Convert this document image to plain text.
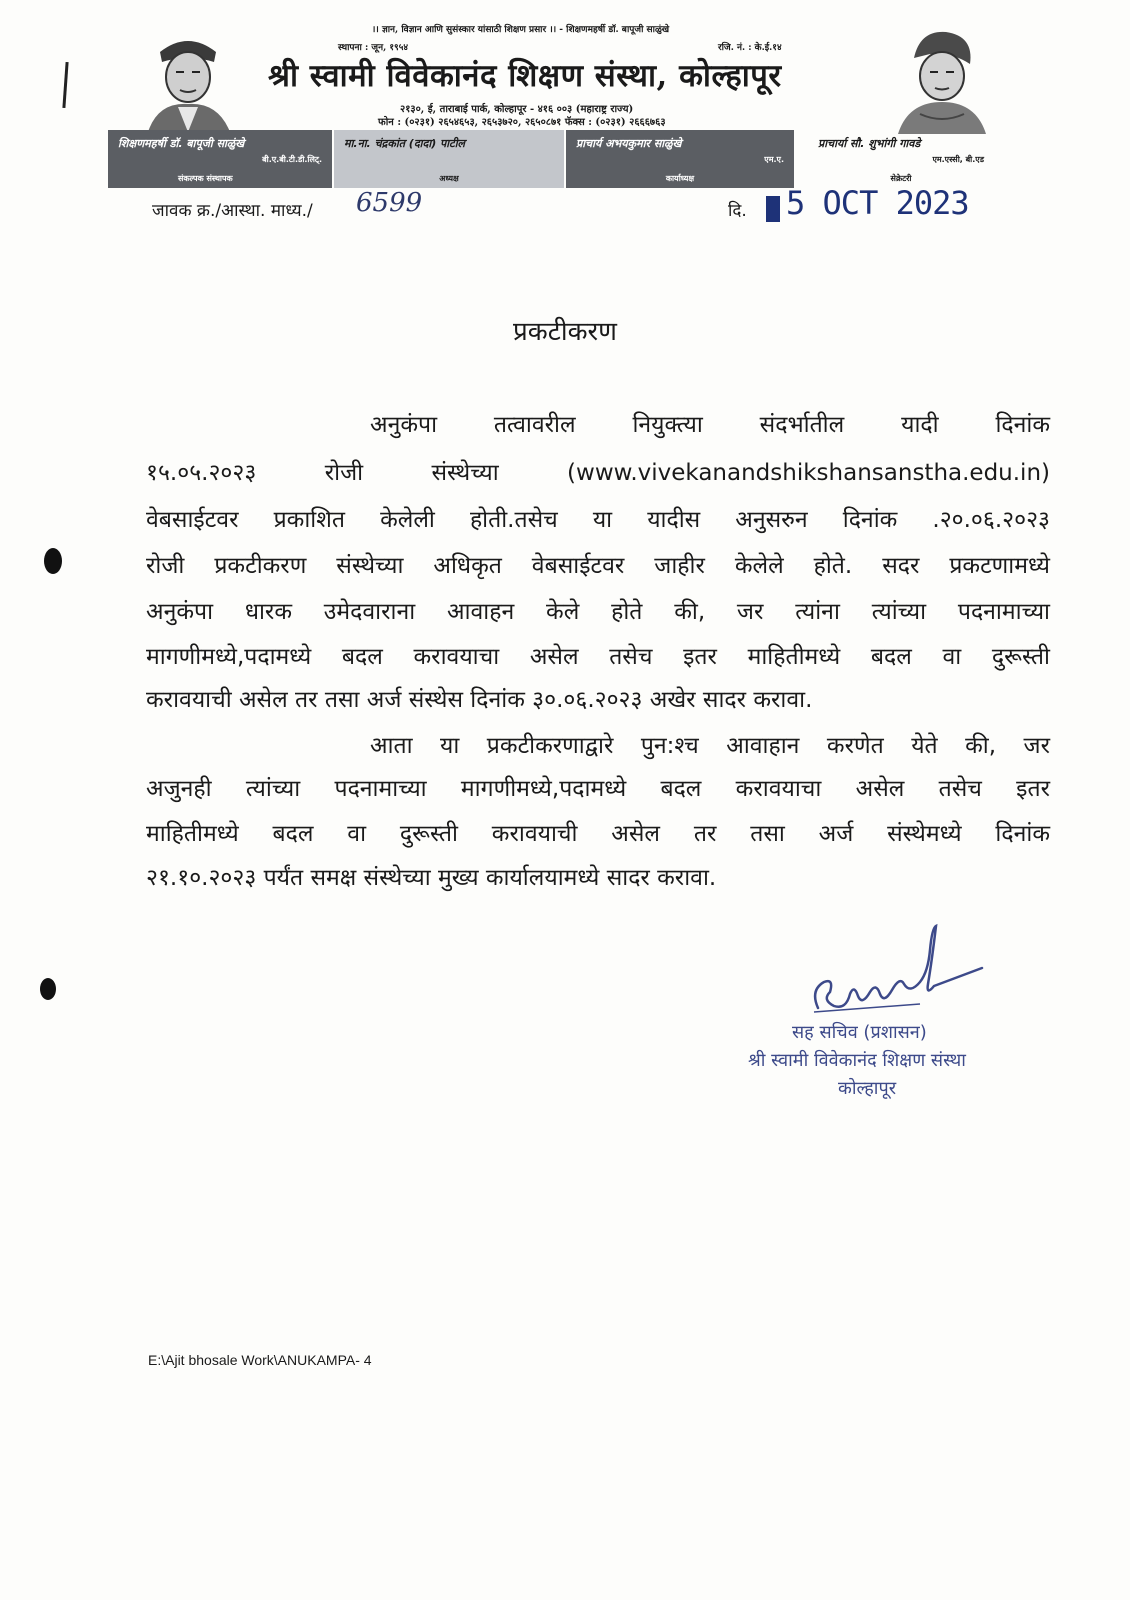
।। ज्ञान, विज्ञान आणि सुसंस्कार यांसाठी शिक्षण प्रसार ।। - शिक्षणमहर्षी डॉ. बापूजी साळुंखे
स्थापना : जून, १९५४	रजि. नं. : के.ई.१४
श्री स्वामी विवेकानंद शिक्षण संस्था, कोल्हापूर
२१३०, ई, ताराबाई पार्क, कोल्हापूर - ४१६ ००३ (महाराष्ट्र राज्य)
फोन : (०२३१) २६५४६५३, २६५३७२०, २६५०८७१ फॅक्स : (०२३१) २६६६७६३
शिक्षणमहर्षी डॉ. बापूजी साळुंखे
बी.ए.बी.टी.डी.लिट्.
संकल्पक संस्थापक
मा.ना. चंद्रकांत (दादा) पाटील
अध्यक्ष
प्राचार्य अभयकुमार साळुंखे
एम.ए.
कार्याध्यक्ष
प्राचार्या सौ. शुभांगी गावडे
एम.एस्सी, बी.एड
सेक्रेटरी
जावक क्र./आस्था. माध्य./ 6599	दि. 5 OCT 2023
प्रकटीकरण
अनुकंपा तत्वावरील नियुक्त्या संदर्भातील यादी दिनांक
१५.०५.२०२३ रोजी संस्थेच्या (www.vivekanandshikshansanstha.edu.in)
वेबसाईटवर प्रकाशित केलेली होती.तसेच या यादीस अनुसरुन दिनांक .२०.०६.२०२३
रोजी प्रकटीकरण संस्थेच्या अधिकृत वेबसाईटवर जाहीर केलेले होते. सदर प्रकटणामध्ये
अनुकंपा धारक उमेदवाराना आवाहन केले होते की, जर त्यांना त्यांच्या पदनामाच्या
मागणीमध्ये,पदामध्ये बदल करावयाचा असेल तसेच इतर माहितीमध्ये बदल वा दुरूस्ती
करावयाची असेल तर तसा अर्ज संस्थेस दिनांक ३०.०६.२०२३ अखेर सादर करावा.
आता या प्रकटीकरणाद्वारे पुन:श्च आवाहान करणेत येते की, जर
अजुनही त्यांच्या पदनामाच्या मागणीमध्ये,पदामध्ये बदल करावयाचा असेल तसेच इतर
माहितीमध्ये बदल वा दुरूस्ती करावयाची असेल तर तसा अर्ज संस्थेमध्ये दिनांक
२१.१०.२०२३ पर्यंत समक्ष संस्थेच्या मुख्य कार्यालयामध्ये सादर करावा.
सह सचिव (प्रशासन)
श्री स्वामी विवेकानंद शिक्षण संस्था
कोल्हापूर
E:\Ajit bhosale Work\ANUKAMPA- 4
